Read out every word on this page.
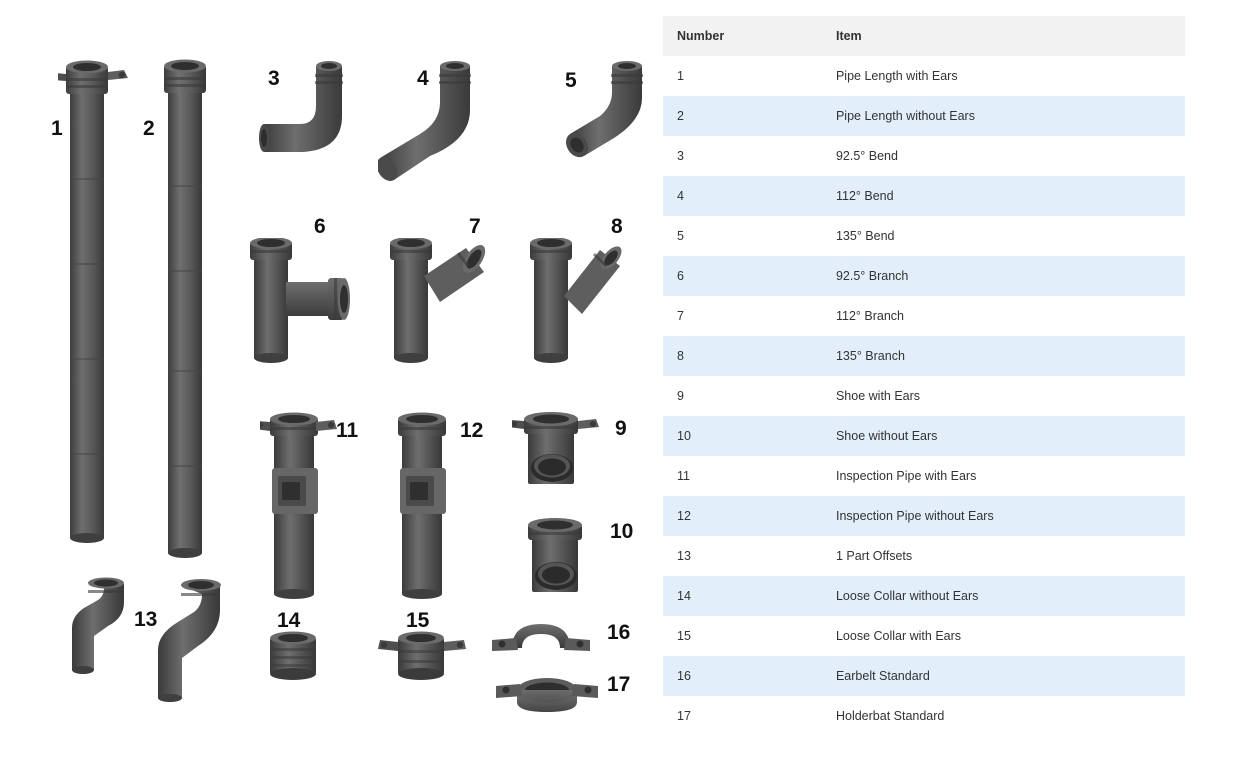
1	2
3	4	5
6	7	8
9
10
11	12
13	14	15
16
17
Number	Item
1	Pipe Length with Ears
2	Pipe Length without Ears
3	92.5° Bend
4	112° Bend
5	135° Bend
6	92.5° Branch
7	112° Branch
8	135° Branch
9	Shoe with Ears
10	Shoe without Ears
11	Inspection Pipe with Ears
12	Inspection Pipe without Ears
13	1 Part Offsets
14	Loose Collar without Ears
15	Loose Collar with Ears
16	Earbelt Standard
17	Holderbat Standard
